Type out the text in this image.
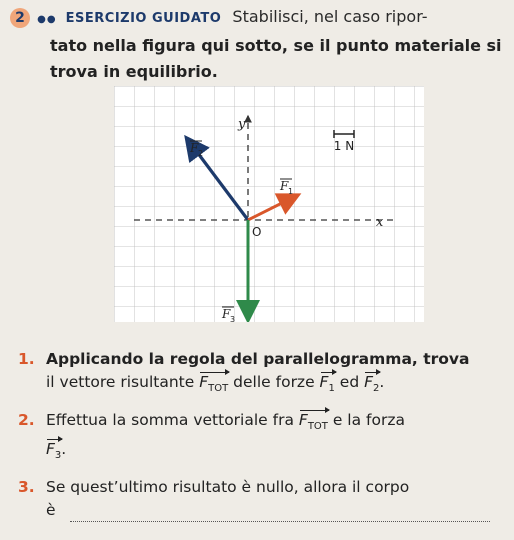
2 ●● ESERCIZIO GUIDATO Stabilisci, nel caso ripor-
tato nella figura qui sotto, se il punto materiale si
trova in equilibrio.
1 N
y
x
O
F 2
F 1
F 3
1. Applicando la regola del parallelogramma, trova
il vettore risultante $F_{TOT}$ delle forze $F_1$ ed $F_2$.
2. Effettua la somma vettoriale fra $F_{TOT}$ e la forza
$F_3$.
3. Se quest’ultimo risultato è nullo, allora il corpo
è
